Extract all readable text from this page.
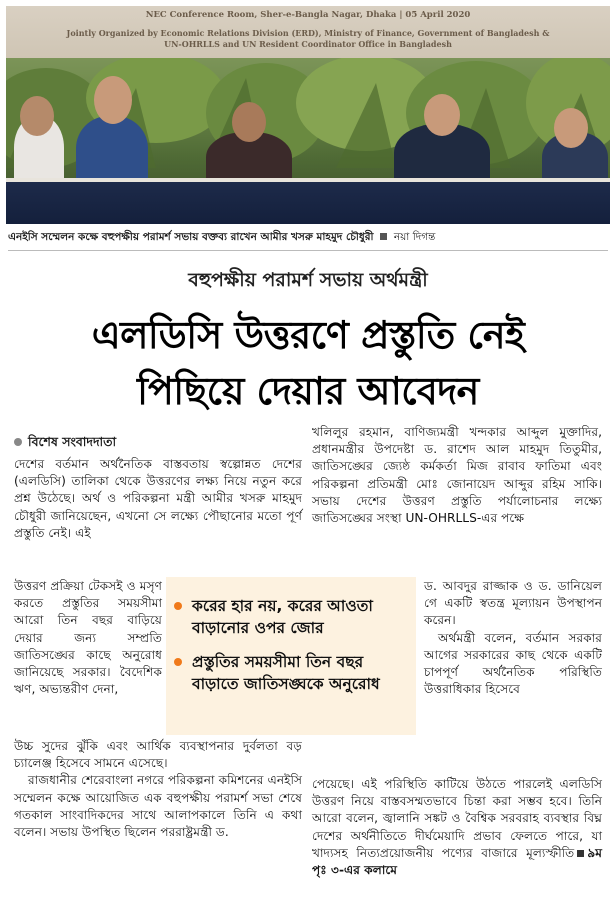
NEC Conference Room, Sher-e-Bangla Nagar, Dhaka | 05 April 2020
Jointly Organized by Economic Relations Division (ERD), Ministry of Finance, Government of Bangladesh &
UN-OHRLLS and UN Resident Coordinator Office in Bangladesh
এনইসি সম্মেলন কক্ষে বহুপক্ষীয় পরামর্শ সভায় বক্তব্য রাখেন আমীর খসরু মাহমুদ চৌধুরী নয়া দিগন্ত
বহুপক্ষীয় পরামর্শ সভায় অর্থমন্ত্রী
এলডিসি উত্তরণে প্রস্তুতি নেই
পিছিয়ে দেয়ার আবেদন
বিশেষ সংবাদদাতা

দেশের বর্তমান অর্থনৈতিক বাস্তবতায় স্বল্পোন্নত দেশের (এলডিসি) তালিকা থেকে উত্তরণের লক্ষ্য নিয়ে নতুন করে প্রশ্ন উঠেছে। অর্থ ও পরিকল্পনা মন্ত্রী আমীর খসরু মাহমুদ চৌধুরী জানিয়েছেন, এখনো সে লক্ষ্যে পৌছানোর মতো পূর্ণ প্রস্তুতি নেই। এই

উত্তরণ প্রক্রিয়া টেকসই ও মসৃণ করতে প্রস্তুতির সময়সীমা আরো তিন বছর বাড়িয়ে দেয়ার জন্য সম্প্রতি জাতিসঙ্ঘের কাছে অনুরোধ জানিয়েছে সরকার। বৈদেশিক ঋণ, অভ্যন্তরীণ দেনা,

উচ্চ সুদের ঝুঁকি এবং আর্থিক ব্যবস্থাপনার দুর্বলতা বড় চ্যালেঞ্জ হিসেবে সামনে এসেছে।

রাজধানীর শেরেবাংলা নগরে পরিকল্পনা কমিশনের এনইসি সম্মেলন কক্ষে আয়োজিত এক বহুপক্ষীয় পরামর্শ সভা শেষে গতকাল সাংবাদিকদের সাথে আলাপকালে তিনি এ কথা বলেন। সভায় উপস্থিত ছিলেন পররাষ্ট্রমন্ত্রী ড.

খলিলুর রহমান, বাণিজ্যমন্ত্রী খন্দকার আব্দুল মুক্তাদির, প্রধানমন্ত্রীর উপদেষ্টা ড. রাশেদ আল মাহমুদ তিতুমীর, জাতিসঙ্ঘের জ্যেষ্ঠ কর্মকর্তা মিজ রাবাব ফাতিমা এবং পরিকল্পনা প্রতিমন্ত্রী মোঃ জোনায়েদ আব্দুর রহিম সাকি। সভায় দেশের উত্তরণ প্রস্তুতি পর্যালোচনার লক্ষ্যে জাতিসঙ্ঘের সংস্থা UN-OHRLLS-এর পক্ষে

ড. আবদুর রাজ্জাক ও ড. ডানিয়েল গে একটি স্বতন্ত্র মূল্যায়ন উপস্থাপন করেন।

অর্থমন্ত্রী বলেন, বর্তমান সরকার আগের সরকারের কাছ থেকে একটি চাপপূর্ণ অর্থনৈতিক পরিস্থিতি উত্তরাধিকার হিসেবে

পেয়েছে। এই পরিস্থিতি কাটিয়ে উঠতে পারলেই এলডিসি উত্তরণ নিয়ে বাস্তবসম্মতভাবে চিন্তা করা সম্ভব হবে। তিনি আরো বলেন, জ্বালানি সঙ্কট ও বৈশ্বিক সরবরাহ ব্যবস্থার বিঘ্ন দেশের অর্থনীতিতে দীর্ঘমেয়াদি প্রভাব ফেলতে পারে, যা খাদ্যসহ নিত্যপ্রয়োজনীয় পণ্যের বাজারে মূল্যস্ফীতি ৯ম পৃঃ ৩-এর কলামে

করের হার নয়, করের আওতা বাড়ানোর ওপর জোর
প্রস্তুতির সময়সীমা তিন বছর বাড়াতে জাতিসঙ্ঘকে অনুরোধ
